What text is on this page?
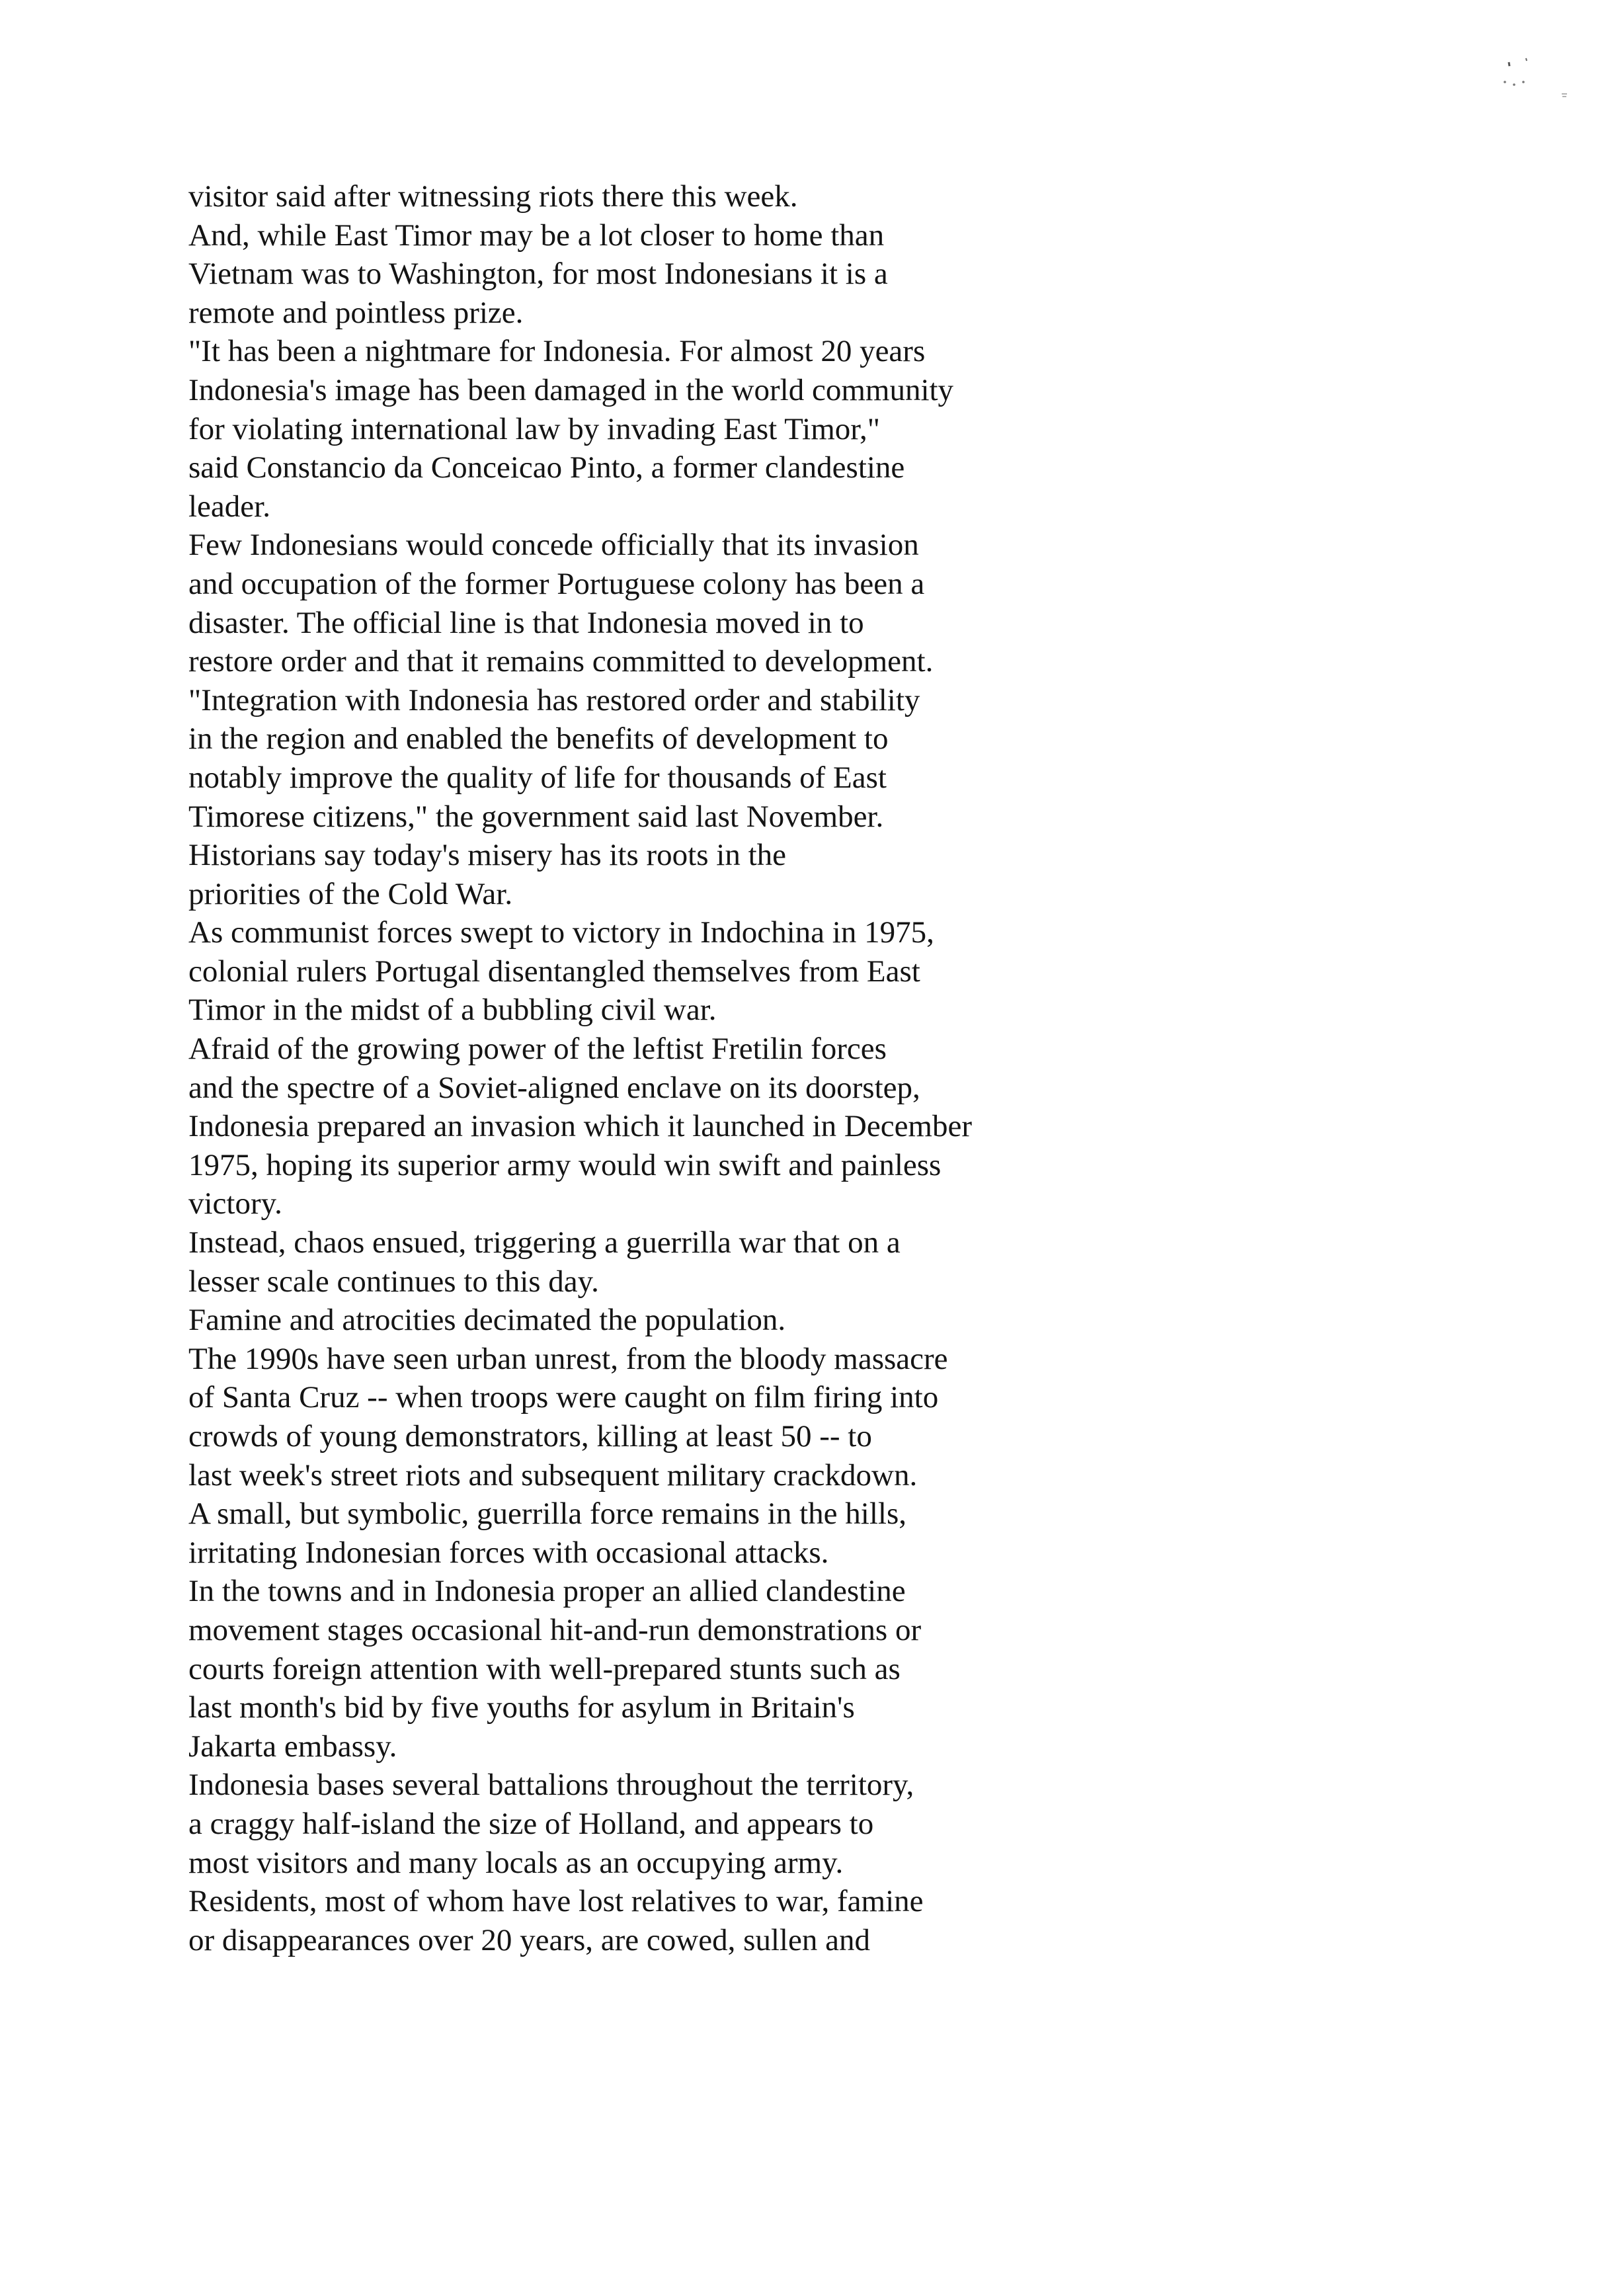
visitor said after witnessing riots there this week.
And, while East Timor may be a lot closer to home than
Vietnam was to Washington, for most Indonesians it is a
remote and pointless prize.
"It has been a nightmare for Indonesia. For almost 20 years
Indonesia's image has been damaged in the world community
for violating international law by invading East Timor,"
said Constancio da Conceicao Pinto, a former clandestine
leader.
Few Indonesians would concede officially that its invasion
and occupation of the former Portuguese colony has been a
disaster. The official line is that Indonesia moved in to
restore order and that it remains committed to development.
"Integration with Indonesia has restored order and stability
in the region and enabled the benefits of development to
notably improve the quality of life for thousands of East
Timorese citizens," the government said last November.
Historians say today's misery has its roots in the
priorities of the Cold War.
As communist forces swept to victory in Indochina in 1975,
colonial rulers Portugal disentangled themselves from East
Timor in the midst of a bubbling civil war.
Afraid of the growing power of the leftist Fretilin forces
and the spectre of a Soviet-aligned enclave on its doorstep,
Indonesia prepared an invasion which it launched in December
1975, hoping its superior army would win swift and painless
victory.
Instead, chaos ensued, triggering a guerrilla war that on a
lesser scale continues to this day.
Famine and atrocities decimated the population.
The 1990s have seen urban unrest, from the bloody massacre
of Santa Cruz -- when troops were caught on film firing into
crowds of young demonstrators, killing at least 50 -- to
last week's street riots and subsequent military crackdown.
A small, but symbolic, guerrilla force remains in the hills,
irritating Indonesian forces with occasional attacks.
In the towns and in Indonesia proper an allied clandestine
movement stages occasional hit-and-run demonstrations or
courts foreign attention with well-prepared stunts such as
last month's bid by five youths for asylum in Britain's
Jakarta embassy.
Indonesia bases several battalions throughout the territory,
a craggy half-island the size of Holland, and appears to
most visitors and many locals as an occupying army.
Residents, most of whom have lost relatives to war, famine
or disappearances over 20 years, are cowed, sullen and
